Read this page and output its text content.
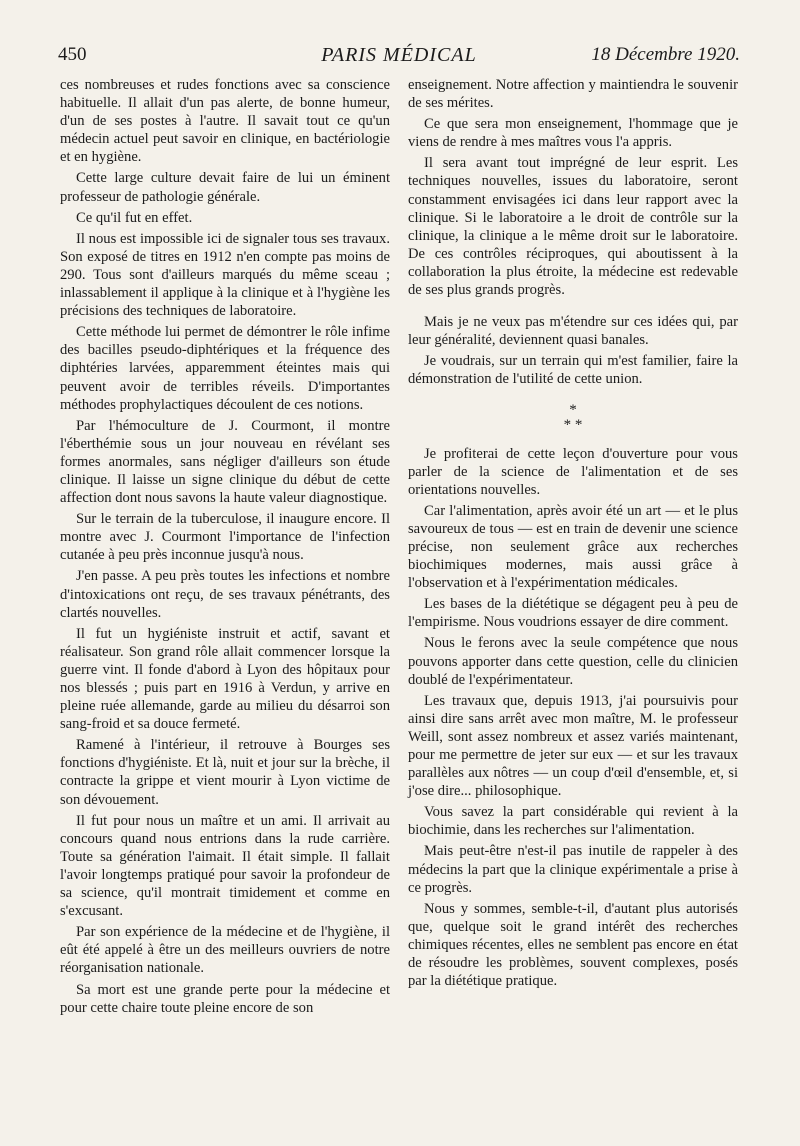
450	PARIS MÉDICAL	18 Décembre 1920.

ces nombreuses et rudes fonctions avec sa conscience habituelle. Il allait d'un pas alerte, de bonne humeur, d'un de ses postes à l'autre. Il savait tout ce qu'un médecin actuel peut savoir en clinique, en bactériologie et en hygiène.

Cette large culture devait faire de lui un éminent professeur de pathologie générale.

Ce qu'il fut en effet.

Il nous est impossible ici de signaler tous ses travaux. Son exposé de titres en 1912 n'en compte pas moins de 290. Tous sont d'ailleurs marqués du même sceau ; inlassablement il applique à la clinique et à l'hygiène les précisions des techniques de laboratoire.

Cette méthode lui permet de démontrer le rôle infime des bacilles pseudo-diphtériques et la fréquence des diphtéries larvées, apparemment éteintes mais qui peuvent avoir de terribles réveils. D'importantes méthodes prophylactiques découlent de ces notions.

Par l'hémoculture de J. Courmont, il montre l'éberthémie sous un jour nouveau en révélant ses formes anormales, sans négliger d'ailleurs son étude clinique. Il laisse un signe clinique du début de cette affection dont nous savons la haute valeur diagnostique.

Sur le terrain de la tuberculose, il inaugure encore. Il montre avec J. Courmont l'importance de l'infection cutanée à peu près inconnue jusqu'à nous.

J'en passe. A peu près toutes les infections et nombre d'intoxications ont reçu, de ses travaux pénétrants, des clartés nouvelles.

Il fut un hygiéniste instruit et actif, savant et réalisateur. Son grand rôle allait commencer lorsque la guerre vint. Il fonde d'abord à Lyon des hôpitaux pour nos blessés ; puis part en 1916 à Verdun, y arrive en pleine ruée allemande, garde au milieu du désarroi son sang-froid et sa douce fermeté.

Ramené à l'intérieur, il retrouve à Bourges ses fonctions d'hygiéniste. Et là, nuit et jour sur la brèche, il contracte la grippe et vient mourir à Lyon victime de son dévouement.

Il fut pour nous un maître et un ami. Il arrivait au concours quand nous entrions dans la rude carrière. Toute sa génération l'aimait. Il était simple. Il fallait l'avoir longtemps pratiqué pour savoir la profondeur de sa science, qu'il montrait timidement et comme en s'excusant.

Par son expérience de la médecine et de l'hygiène, il eût été appelé à être un des meilleurs ouvriers de notre réorganisation nationale.

Sa mort est une grande perte pour la médecine et pour cette chaire toute pleine encore de son

enseignement. Notre affection y maintiendra le souvenir de ses mérites.

Ce que sera mon enseignement, l'hommage que je viens de rendre à mes maîtres vous l'a appris.

Il sera avant tout imprégné de leur esprit. Les techniques nouvelles, issues du laboratoire, seront constamment envisagées ici dans leur rapport avec la clinique. Si le laboratoire a le droit de contrôle sur la clinique, la clinique a le même droit sur le laboratoire. De ces contrôles réciproques, qui aboutissent à la collaboration la plus étroite, la médecine est redevable de ses plus grands progrès.

Mais je ne veux pas m'étendre sur ces idées qui, par leur généralité, deviennent quasi banales.

Je voudrais, sur un terrain qui m'est familier, faire la démonstration de l'utilité de cette union.

*
* *

Je profiterai de cette leçon d'ouverture pour vous parler de la science de l'alimentation et de ses orientations nouvelles.

Car l'alimentation, après avoir été un art — et le plus savoureux de tous — est en train de devenir une science précise, non seulement grâce aux recherches biochimiques modernes, mais aussi grâce à l'observation et à l'expérimentation médicales.

Les bases de la diététique se dégagent peu à peu de l'empirisme. Nous voudrions essayer de dire comment.

Nous le ferons avec la seule compétence que nous pouvons apporter dans cette question, celle du clinicien doublé de l'expérimentateur.

Les travaux que, depuis 1913, j'ai poursuivis pour ainsi dire sans arrêt avec mon maître, M. le professeur Weill, sont assez nombreux et assez variés maintenant, pour me permettre de jeter sur eux — et sur les travaux parallèles aux nôtres — un coup d'œil d'ensemble, et, si j'ose dire... philosophique.

Vous savez la part considérable qui revient à la biochimie, dans les recherches sur l'alimentation.

Mais peut-être n'est-il pas inutile de rappeler à des médecins la part que la clinique expérimentale a prise à ce progrès.

Nous y sommes, semble-t-il, d'autant plus autorisés que, quelque soit le grand intérêt des recherches chimiques récentes, elles ne semblent pas encore en état de résoudre les problèmes, souvent complexes, posés par la diététique pratique.
